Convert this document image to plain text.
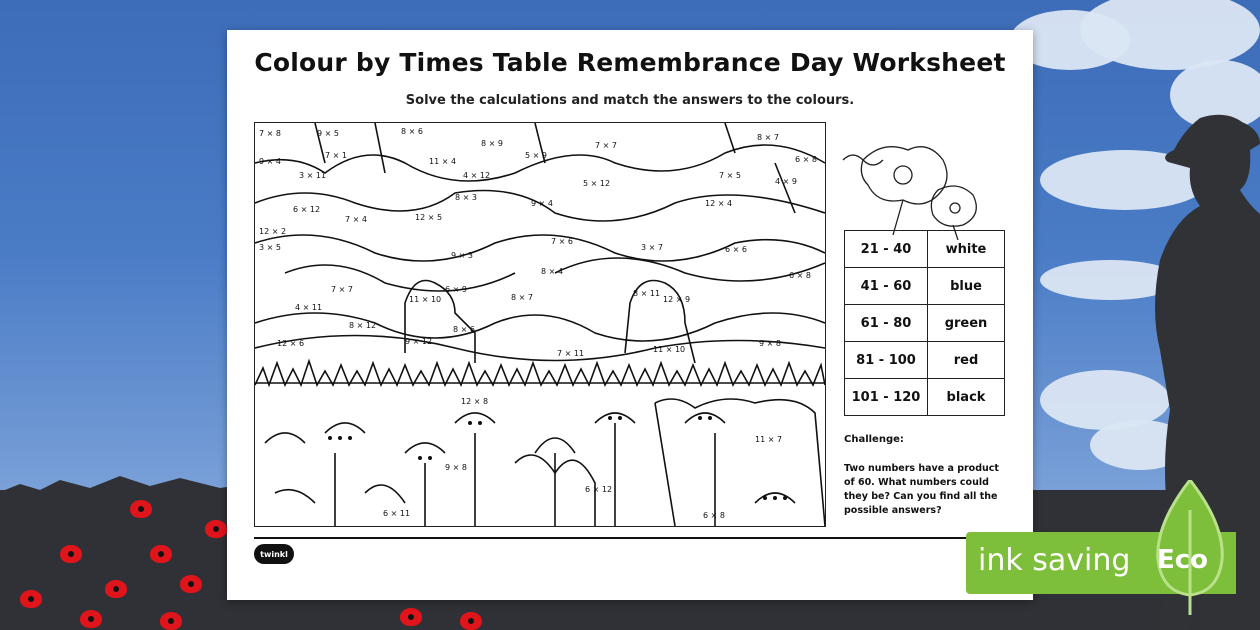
Colour by Times Table Remembrance Day Worksheet
Solve the calculations and match the answers to the colours.
7 × 8	9 × 5	8 × 6
7 × 7
8 × 7
9 × 4
7 × 1
11 × 4
8 × 9
5 × 9	6 × 8
3 × 11
6 × 12
5 × 12
7 × 5
4 × 9
4 × 12
8 × 3
9 × 4	12 × 4
12 × 2
7 × 4	12 × 5
7 × 6
3 × 7	6 × 6
3 × 5
9 × 3
8 × 4	6 × 8
7 × 7
11 × 10
6 × 9
8 × 7	8 × 11
12 × 9
4 × 11
8 × 12	8 × 6
12 × 6	9 × 12
7 × 11	11 × 10
9 × 8
12 × 8
11 × 7
9 × 8
6 × 12
6 × 11	6 × 8
21 - 40	white
41 - 60	blue
61 - 80	green
81 - 100	red
101 - 120	black
Challenge:
Two numbers have a product of 60. What numbers could they be? Can you find all the possible answers?
twinkl	ink saving Eco
